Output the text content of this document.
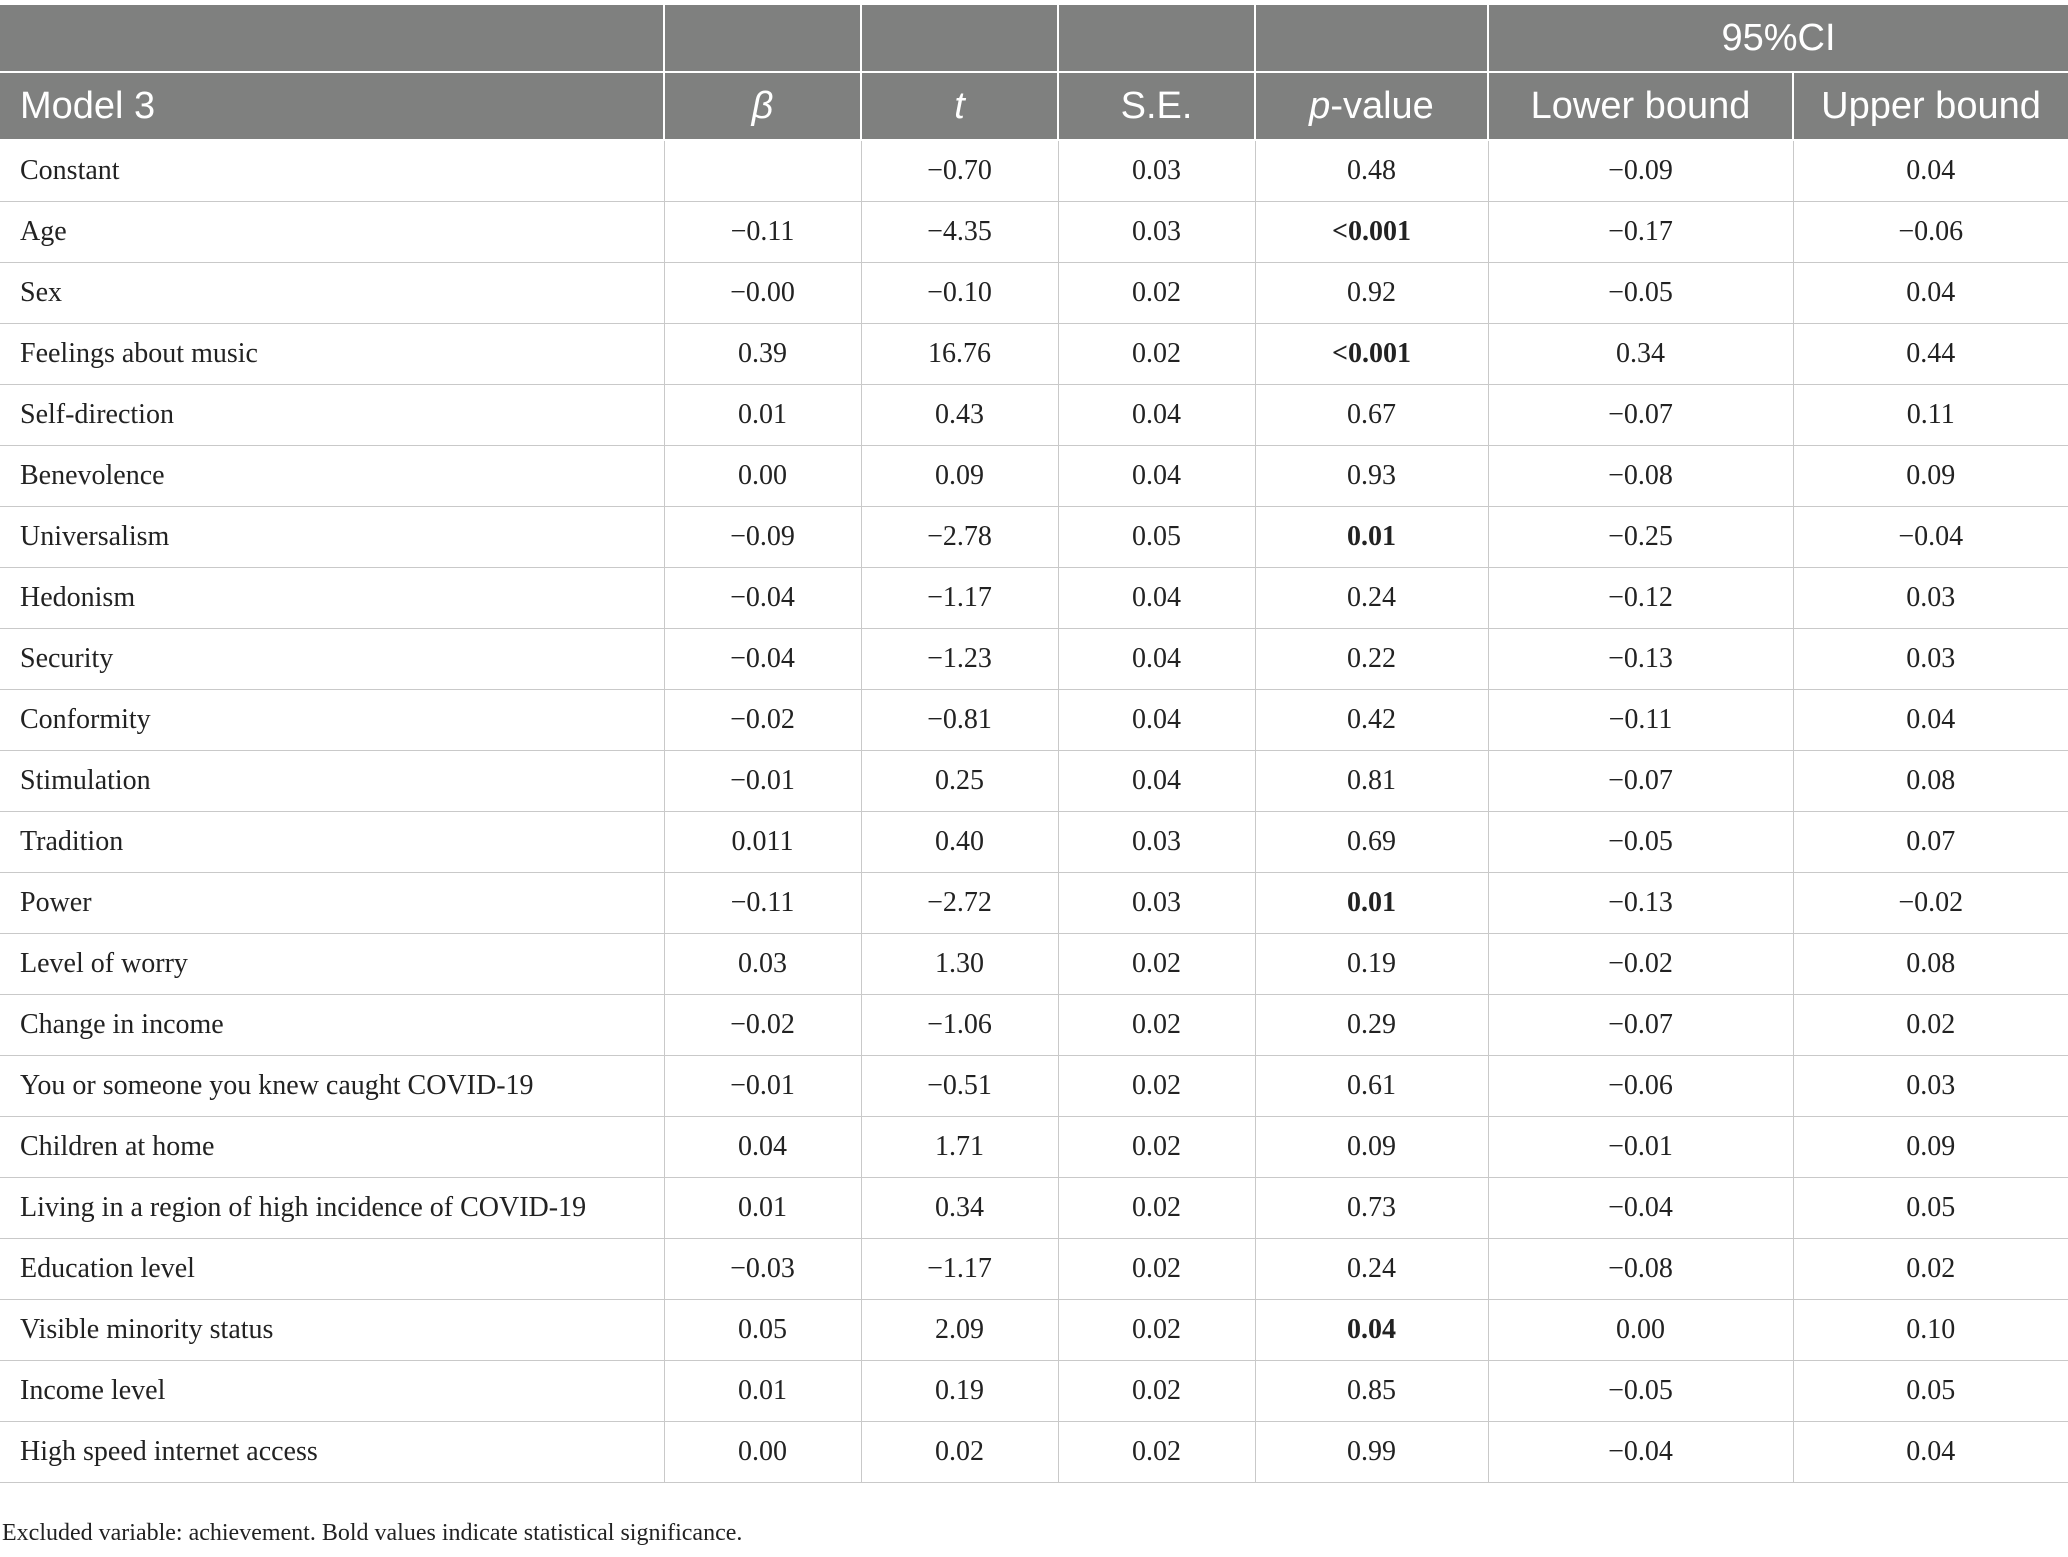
					95%CI	
Model 3	β	t	S.E.	p-value	Lower bound	Upper bound
Constant		−0.70	0.03	0.48	−0.09	0.04
Age	−0.11	−4.35	0.03	<0.001	−0.17	−0.06
Sex	−0.00	−0.10	0.02	0.92	−0.05	0.04
Feelings about music	0.39	16.76	0.02	<0.001	0.34	0.44
Self-direction	0.01	0.43	0.04	0.67	−0.07	0.11
Benevolence	0.00	0.09	0.04	0.93	−0.08	0.09
Universalism	−0.09	−2.78	0.05	0.01	−0.25	−0.04
Hedonism	−0.04	−1.17	0.04	0.24	−0.12	0.03
Security	−0.04	−1.23	0.04	0.22	−0.13	0.03
Conformity	−0.02	−0.81	0.04	0.42	−0.11	0.04
Stimulation	−0.01	0.25	0.04	0.81	−0.07	0.08
Tradition	0.011	0.40	0.03	0.69	−0.05	0.07
Power	−0.11	−2.72	0.03	0.01	−0.13	−0.02
Level of worry	0.03	1.30	0.02	0.19	−0.02	0.08
Change in income	−0.02	−1.06	0.02	0.29	−0.07	0.02
You or someone you knew caught COVID-19	−0.01	−0.51	0.02	0.61	−0.06	0.03
Children at home	0.04	1.71	0.02	0.09	−0.01	0.09
Living in a region of high incidence of COVID-19	0.01	0.34	0.02	0.73	−0.04	0.05
Education level	−0.03	−1.17	0.02	0.24	−0.08	0.02
Visible minority status	0.05	2.09	0.02	0.04	0.00	0.10
Income level	0.01	0.19	0.02	0.85	−0.05	0.05
High speed internet access	0.00	0.02	0.02	0.99	−0.04	0.04
Excluded variable: achievement. Bold values indicate statistical significance.
